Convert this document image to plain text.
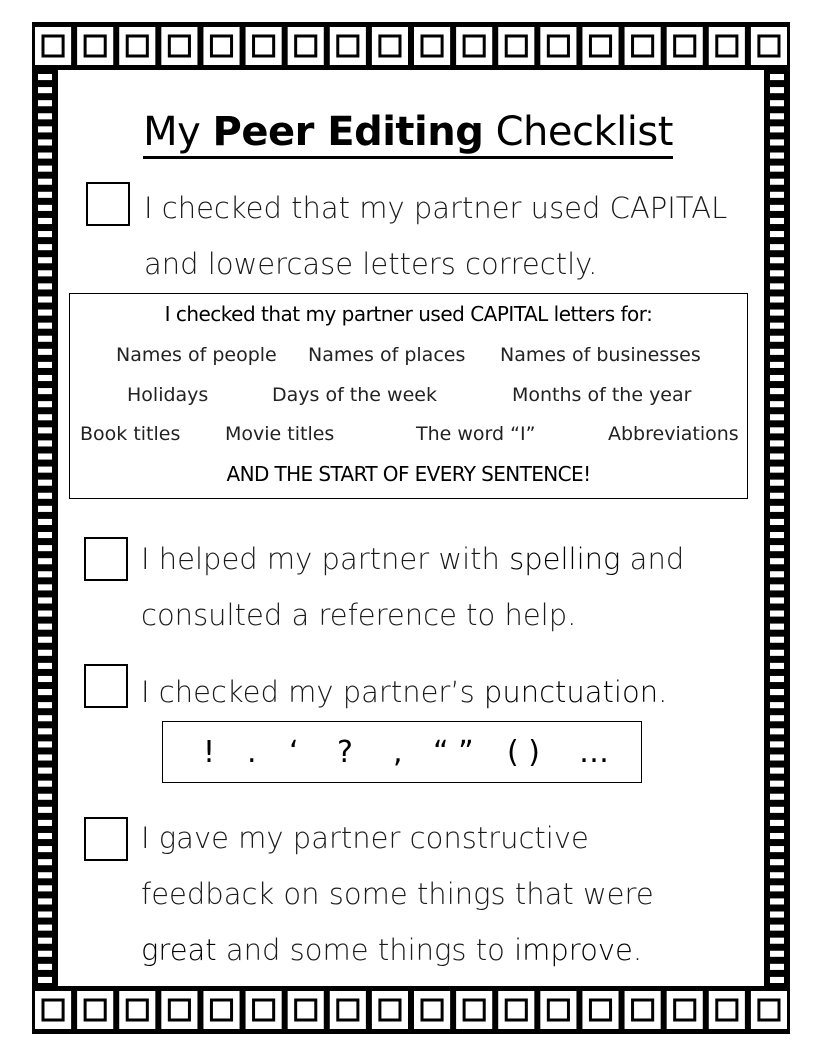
My Peer Editing Checklist
I checked that my partner used CAPITAL
and lowercase letters correctly.
I checked that my partner used CAPITAL letters for:
Names of people Names of places Names of businesses
Holidays	Days of the week	Months of the year
Book titles Movie titles	The word “I”	Abbreviations
AND THE START OF EVERY SENTENCE!
I helped my partner with spelling and
consulted a reference to help.
I checked my partner’s punctuation.
! . ‘ ? , “ ” ( ) …
I gave my partner constructive
feedback on some things that were
great and some things to improve.
